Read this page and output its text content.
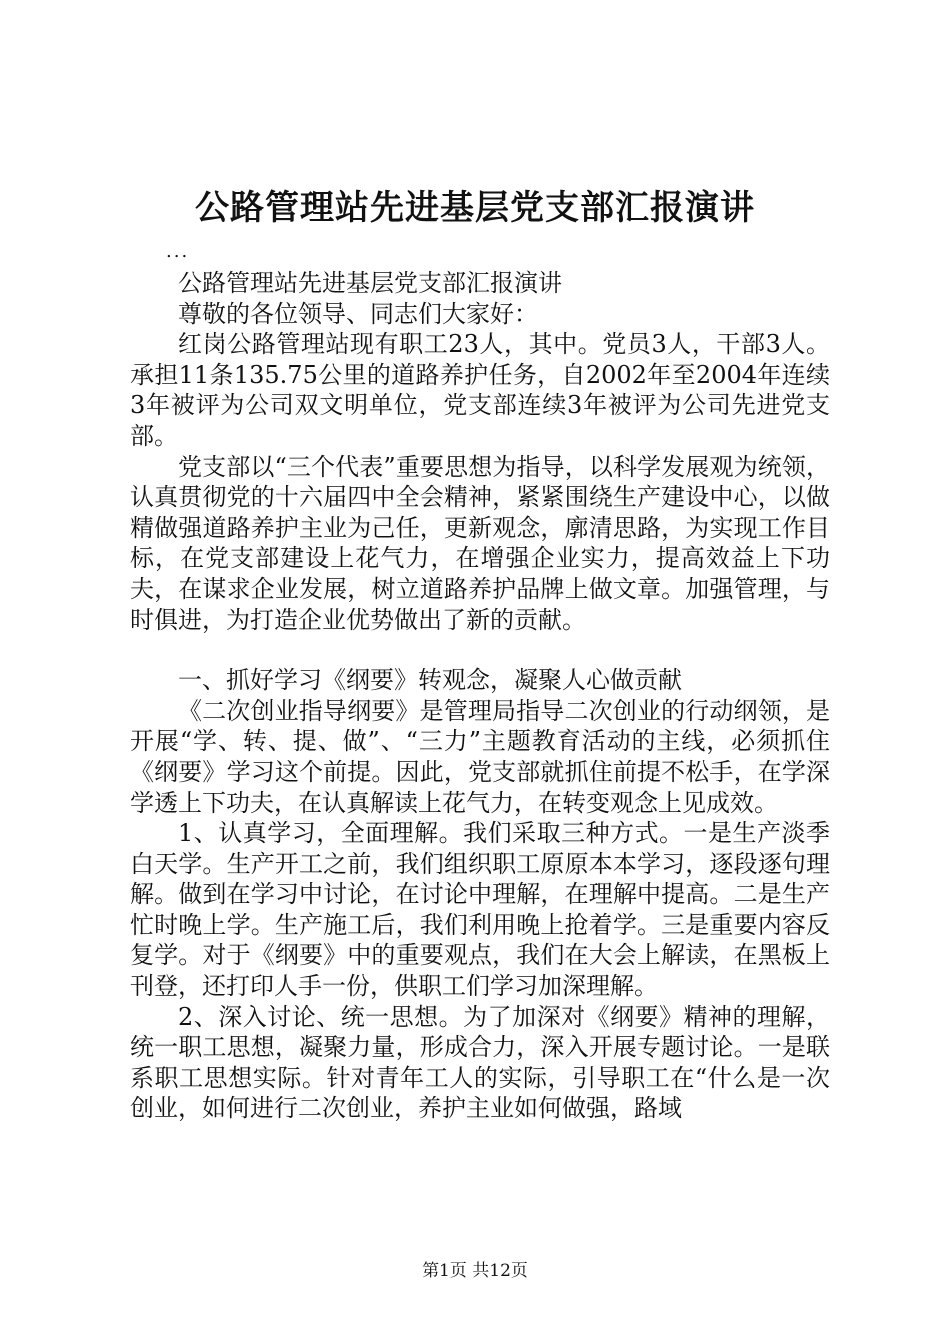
公路管理站先进基层党支部汇报演讲

...

公路管理站先进基层党支部汇报演讲

尊敬的各位领导、同志们大家好：

红岗公路管理站现有职工23人，其中。党员3人，干部3人。承担11条135.75公里的道路养护任务，自2002年至2004年连续3年被评为公司双文明单位，党支部连续3年被评为公司先进党支部。

党支部以“三个代表”重要思想为指导，以科学发展观为统领，认真贯彻党的十六届四中全会精神，紧紧围绕生产建设中心，以做精做强道路养护主业为己任，更新观念，廓清思路，为实现工作目标，在党支部建设上花气力，在增强企业实力，提高效益上下功夫，在谋求企业发展，树立道路养护品牌上做文章。加强管理，与时俱进，为打造企业优势做出了新的贡献。

一、抓好学习《纲要》转观念，凝聚人心做贡献

《二次创业指导纲要》是管理局指导二次创业的行动纲领，是开展“学、转、提、做”、“三力”主题教育活动的主线，必须抓住《纲要》学习这个前提。因此，党支部就抓住前提不松手，在学深学透上下功夫，在认真解读上花气力，在转变观念上见成效。

1、认真学习，全面理解。我们采取三种方式。一是生产淡季白天学。生产开工之前，我们组织职工原原本本学习，逐段逐句理解。做到在学习中讨论，在讨论中理解，在理解中提高。二是生产忙时晚上学。生产施工后，我们利用晚上抢着学。三是重要内容反复学。对于《纲要》中的重要观点，我们在大会上解读，在黑板上刊登，还打印人手一份，供职工们学习加深理解。

2、深入讨论、统一思想。为了加深对《纲要》精神的理解，统一职工思想，凝聚力量，形成合力，深入开展专题讨论。一是联系职工思想实际。针对青年工人的实际，引导职工在“什么是一次创业，如何进行二次创业，养护主业如何做强，路域

第1页 共12页
